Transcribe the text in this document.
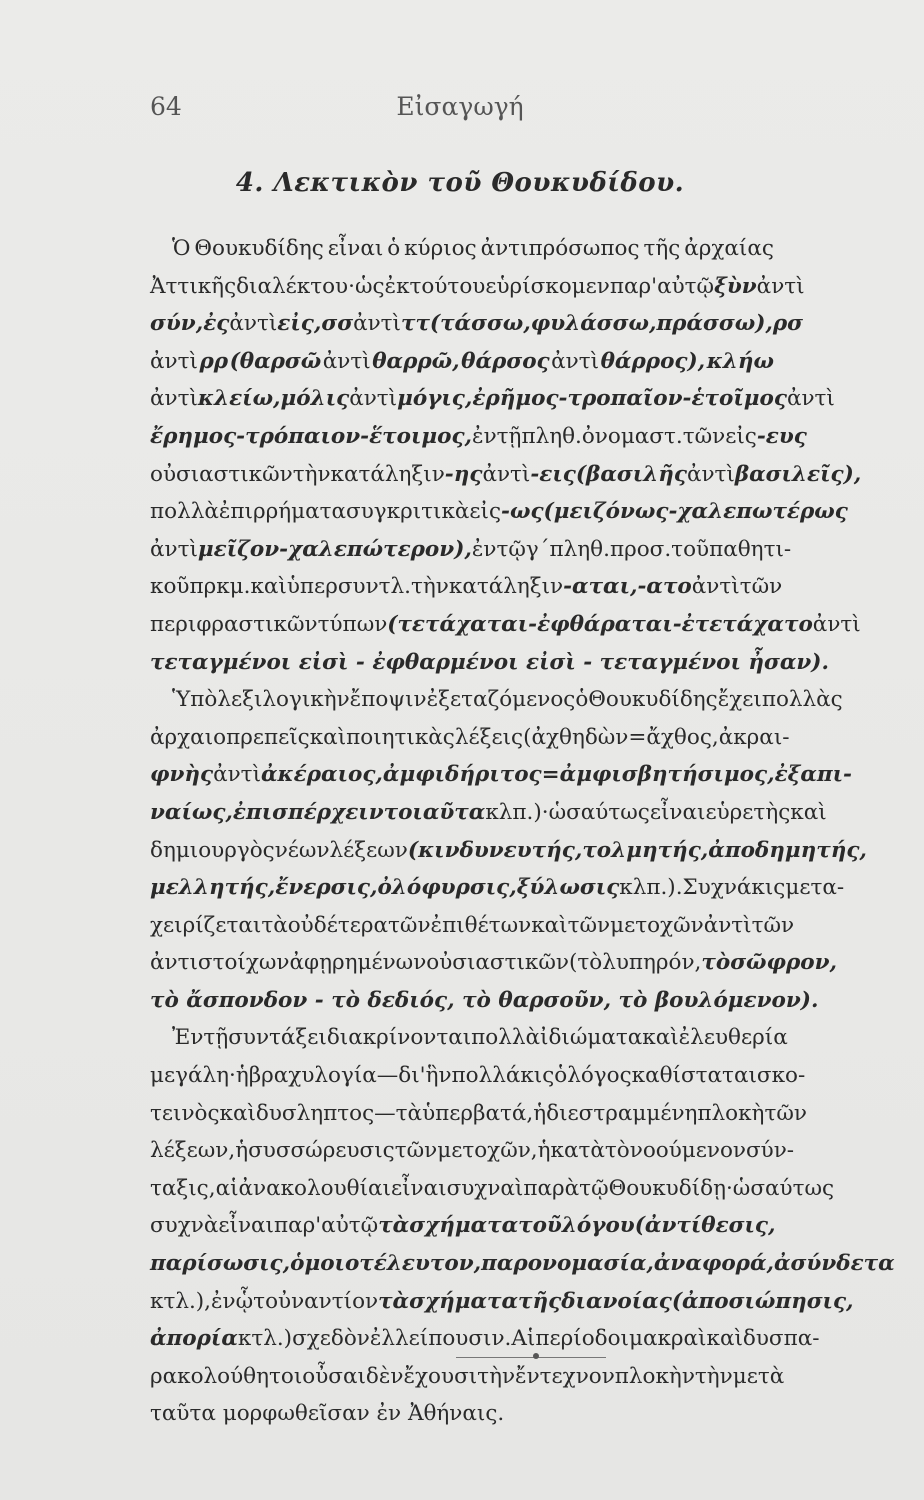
64	Εἰσαγωγή
4. Λεκτικὸν τοῦ Θουκυδίδου.
Ὁ Θουκυδίδης εἶναι ὁ κύριος ἀντιπρόσωπος τῆς ἀρχαίας
Ἀττικῆς διαλέκτου· ὡς ἐκ τούτου εὑρίσκομεν παρ' αὐτῷ ξὺν ἀντὶ
σύν, ἐς ἀντὶ εἰς, σσ ἀντὶ ττ (τάσσω, φυλάσσω, πράσσω), ρσ
ἀντὶ ρρ (θαρσῶ ἀντὶ θαρρῶ, θάρσος ἀντὶ θάρρος), κλήω
ἀντὶ κλείω, μόλις ἀντὶ μόγις, ἐρῆμος - τροπαῖον - ἑτοῖμος ἀντὶ
ἔρημος - τρόπαιον - ἕτοιμος, ἐν τῇ πληθ. ὀνομαστ. τῶν εἰς - ευς
οὐσιαστικῶν τὴν κατάληξιν - ης ἀντὶ - εις (βασιλῆς ἀντὶ βασιλεῖς),
πολλὰ ἐπιρρήματα συγκριτικὰ εἰς -ως (μειζόνως-χαλεπωτέρως
ἀντὶ μεῖζον - χαλεπώτερον), ἐν τῷ γ΄ πληθ. προσ. τοῦ παθητι-
κοῦ πρκμ. καὶ ὑπερσυντλ. τὴν κατάληξιν - αται, - ατο ἀντὶ τῶν
περιφραστικῶν τύπων (τετάχαται - ἐφθάραται - ἐτετάχατο ἀντὶ
τεταγμένοι εἰσὶ - ἐφθαρμένοι εἰσὶ - τεταγμένοι ἦσαν).
Ὑπὸ λεξιλογικὴν ἔποψιν ἐξεταζόμενος ὁ Θουκυδίδης ἔχει πολλὰς
ἀρχαιοπρεπεῖς καὶ ποιητικὰς λέξεις (ἀχθηδὼν=ἄχθος, ἀκραι-
φνὴς ἀντὶ ἀκέραιος, ἀμφιδήριτος=ἀμφισβητήσιμος, ἐξαπι-
ναίως, ἐπισπέρχειν τοιαῦτα κλπ.)· ὡσαύτως εἶναι εὑρετὴς καὶ
δημιουργὸς νέων λέξεων (κινδυνευτής, τολμητής, ἀποδημητής,
μελλητής, ἔνερσις, ὀλόφυρσις, ξύλωσις κλπ.). Συχνάκις μετα-
χειρίζεται τὰ οὐδέτερα τῶν ἐπιθέτων καὶ τῶν μετοχῶν ἀντὶ τῶν
ἀντιστοίχων ἀφῃρημένων οὐσιαστικῶν (τὸ λυπηρόν, τὸ σῶφρον,
τὸ ἄσπονδον - τὸ δεδιός, τὸ θαρσοῦν, τὸ βουλόμενον).
Ἐν τῇ συντάξει διακρίνονται πολλὰ ἰδιώματα καὶ ἐλευθερία
μεγάλη· ἡ βραχυλογία—δι' ἣν πολλάκις ὁ λόγος καθίσταται σκο-
τεινὸς καὶ δυσληπτος —τὰ ὑπερβατά, ἡ διεστραμμένη πλοκὴ τῶν
λέξεων, ἡ συσσώρευσις τῶν μετοχῶν, ἡ κατὰ τὸ νοούμενον σύν-
ταξις, αἱ ἀνακολουθίαι εἶναι συχναὶ παρὰ τῷ Θουκυδίδῃ· ὡσαύτως
συχνὰ εἶναι παρ' αὐτῷ τὰ σχήματα τοῦ λόγου (ἀντίθεσις,
παρίσωσις, ὁμοιοτέλευτον, παρονομασία, ἀναφορά, ἀσύνδετα
κτλ.), ἐν ᾧ τοὐναντίον τὰ σχήματα τῆς διανοίας (ἀποσιώπησις,
ἀπορία κτλ.) σχεδὸν ἐλλείπουσιν. Αἱ περίοδοι μακραὶ καὶ δυσπα-
ρακολούθητοι οὖσαι δὲν ἔχουσι τὴν ἔντεχνον πλοκὴν τὴν μετὰ
ταῦτα μορφωθεῖσαν ἐν Ἀθήναις.
